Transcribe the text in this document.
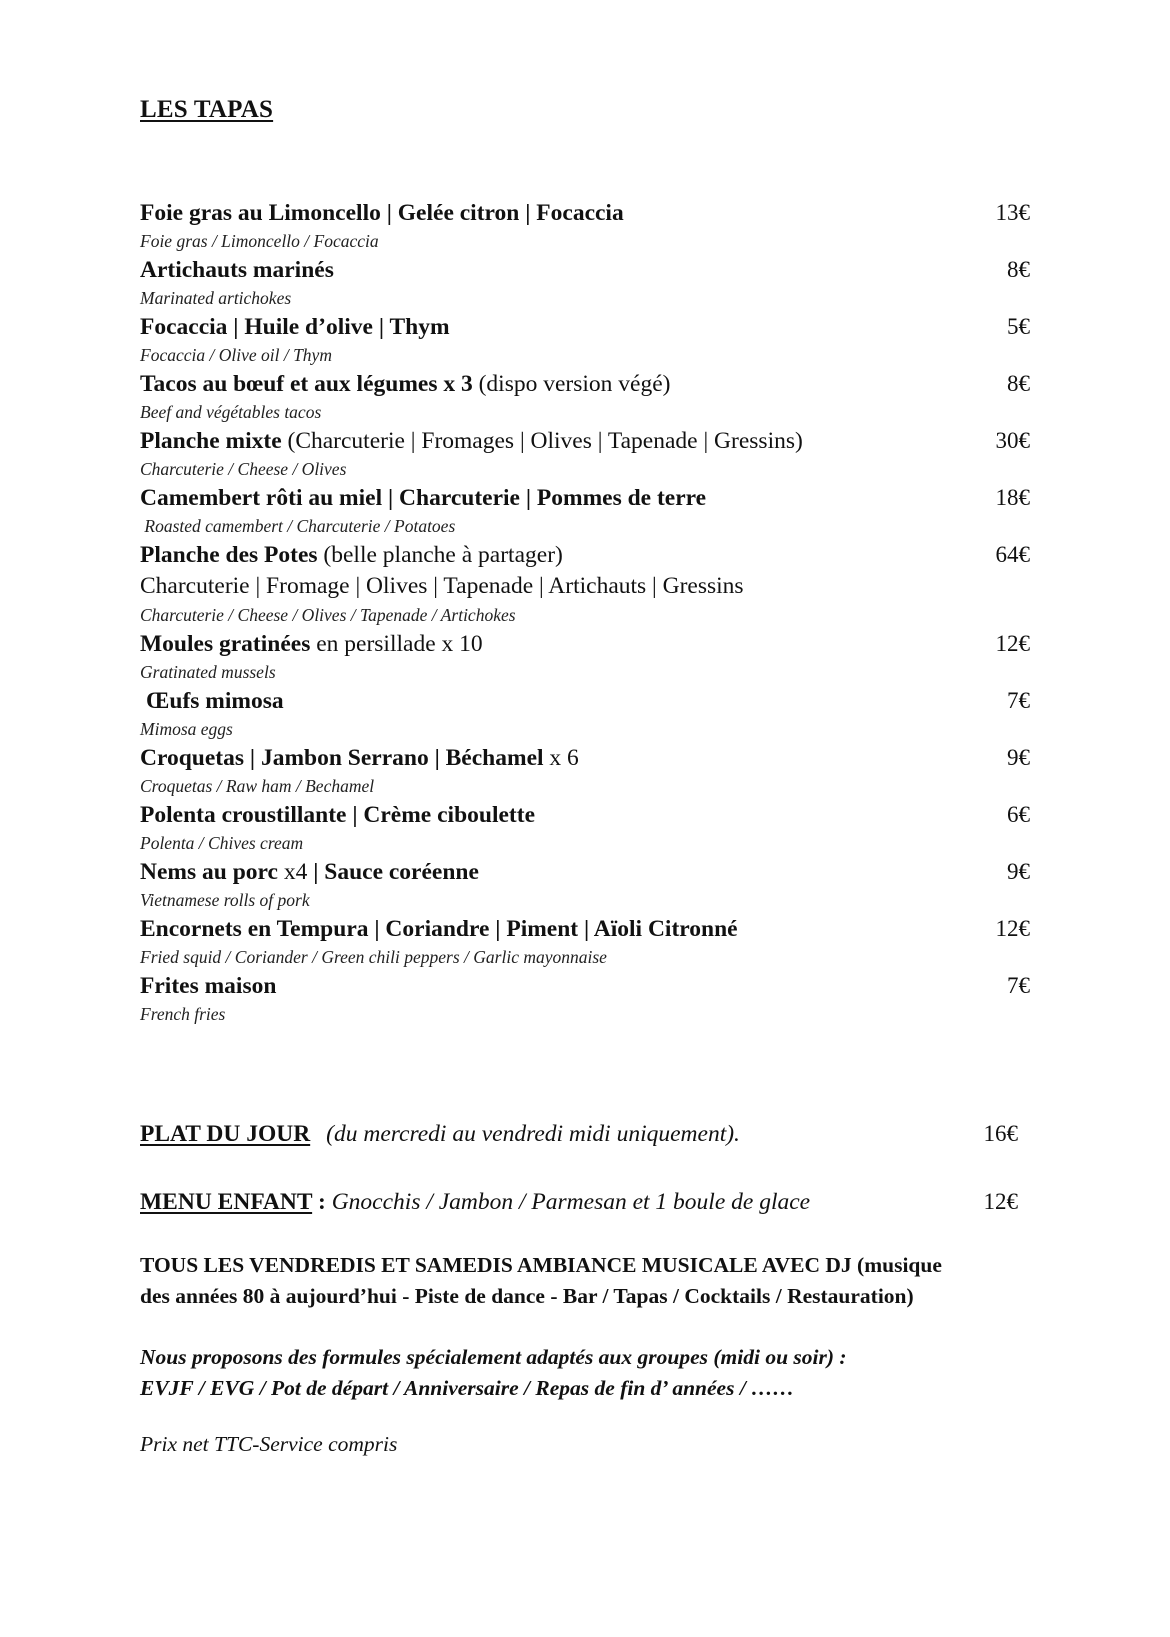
LES TAPAS
Foie gras au Limoncello | Gelée citron | Focaccia	13€
Foie gras / Limoncello / Focaccia
Artichauts marinés	8€
Marinated artichokes
Focaccia | Huile d’olive | Thym	5€
Focaccia / Olive oil / Thym
Tacos au bœuf et aux légumes x 3 (dispo version végé)	8€
Beef and végétables tacos
Planche mixte (Charcuterie | Fromages | Olives | Tapenade | Gressins)	30€
Charcuterie / Cheese / Olives
Camembert rôti au miel | Charcuterie | Pommes de terre	18€
Roasted camembert / Charcuterie / Potatoes
Planche des Potes (belle planche à partager)	64€
Charcuterie | Fromage | Olives | Tapenade | Artichauts | Gressins
Charcuterie / Cheese / Olives / Tapenade / Artichokes
Moules gratinées en persillade x 10	12€
Gratinated mussels
Œufs mimosa	7€
Mimosa eggs
Croquetas | Jambon Serrano | Béchamel x 6	9€
Croquetas / Raw ham / Bechamel
Polenta croustillante | Crème ciboulette	6€
Polenta / Chives cream
Nems au porc x4 | Sauce coréenne	9€
Vietnamese rolls of pork
Encornets en Tempura | Coriandre | Piment | Aïoli Citronné	12€
Fried squid / Coriander / Green chili peppers / Garlic mayonnaise
Frites maison	7€
French fries
PLAT DU JOUR (du mercredi au vendredi midi uniquement).	16€
MENU ENFANT : Gnocchis / Jambon / Parmesan et 1 boule de glace	12€
TOUS LES VENDREDIS ET SAMEDIS AMBIANCE MUSICALE AVEC DJ (musique
des années 80 à aujourd’hui - Piste de dance - Bar / Tapas / Cocktails / Restauration)
Nous proposons des formules spécialement adaptés aux groupes (midi ou soir) :
EVJF / EVG / Pot de départ / Anniversaire / Repas de fin d’ années / ……
Prix net TTC-Service compris
